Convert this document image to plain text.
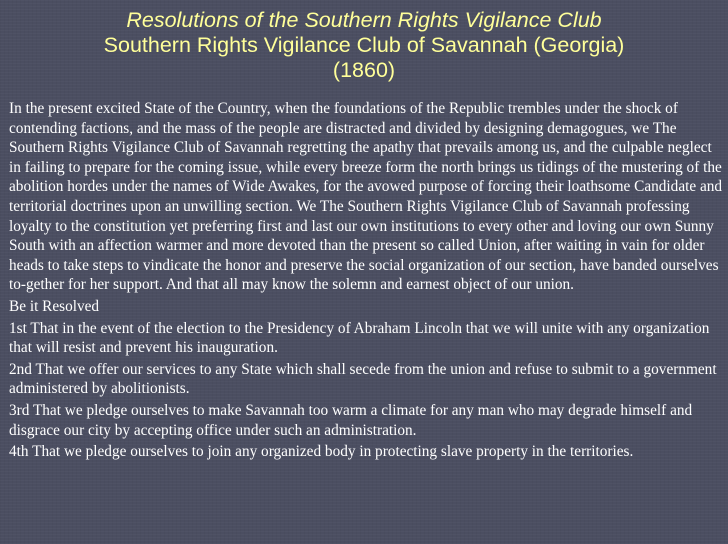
Resolutions of the Southern Rights Vigilance Club
Southern Rights Vigilance Club of Savannah (Georgia)
(1860)

In the present excited State of the Country, when the foundations of the Republic trembles under the shock of contending factions, and the mass of the people are distracted and divided by designing demagogues, we The Southern Rights Vigilance Club of Savannah regretting the apathy that prevails among us, and the culpable neglect in failing to prepare for the coming issue, while every breeze form the north brings us tidings of the mustering of the abolition hordes under the names of Wide Awakes, for the avowed purpose of forcing their loathsome Candidate and territorial doctrines upon an unwilling section. We The Southern Rights Vigilance Club of Savannah professing loyalty to the constitution yet preferring first and last our own institutions to every other and loving our own Sunny South with an affection warmer and more devoted than the present so called Union, after waiting in vain for older heads to take steps to vindicate the honor and preserve the social organization of our section, have banded ourselves to-gether for her support. And that all may know the solemn and earnest object of our union.

Be it Resolved

1st That in the event of the election to the Presidency of Abraham Lincoln that we will unite with any organization that will resist and prevent his inauguration.

2nd That we offer our services to any State which shall secede from the union and refuse to submit to a government administered by abolitionists.

3rd That we pledge ourselves to make Savannah too warm a climate for any man who may degrade himself and disgrace our city by accepting office under such an administration.

4th That we pledge ourselves to join any organized body in protecting slave property in the territories.
